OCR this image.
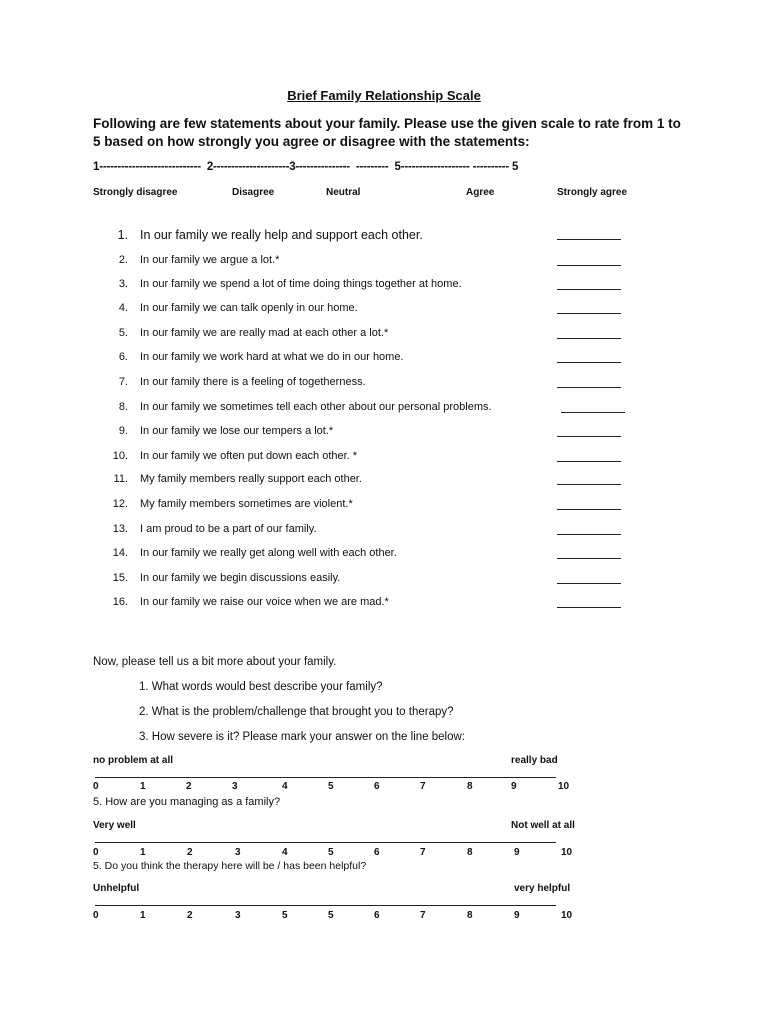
Brief Family Relationship Scale
Following are few statements about your family. Please use the given scale to rate from 1 to 5 based on how strongly you agree or disagree with the statements:
1----------------------------  2---------------------3---------------  ---------  5------------------- ---------- 5
Strongly disagree	Disagree	Neutral	Agree	Strongly agree
1. In our family we really help and support each other.
2. In our family we argue a lot.*
3. In our family we spend a lot of time doing things together at home.
4. In our family we can talk openly in our home.
5. In our family we are really mad at each other a lot.*
6. In our family we work hard at what we do in our home.
7. In our family there is a feeling of togetherness.
8. In our family we sometimes tell each other about our personal problems.
9. In our family we lose our tempers a lot.*
10. In our family we often put down each other. *
11. My family members really support each other.
12. My family members sometimes are violent.*
13. I am proud to be a part of our family.
14. In our family we really get along well with each other.
15. In our family we begin discussions easily.
16. In our family we raise our voice when we are mad.*
Now, please tell us a bit more about your family.
1. What words would best describe your family?
2. What is the problem/challenge that brought you to therapy?
3. How severe is it? Please mark your answer on the line below:
no problem at all	really bad
0	1	2	3	4	5	6	7	8	9	10
5. How are you managing as a family?
Very well	Not well at all
0	1	2	3	4	5	6	7	8	9	10
5. Do you think the therapy here will be / has been helpful?
Unhelpful	very helpful
0	1	2	3	5	5	6	7	8	9	10
